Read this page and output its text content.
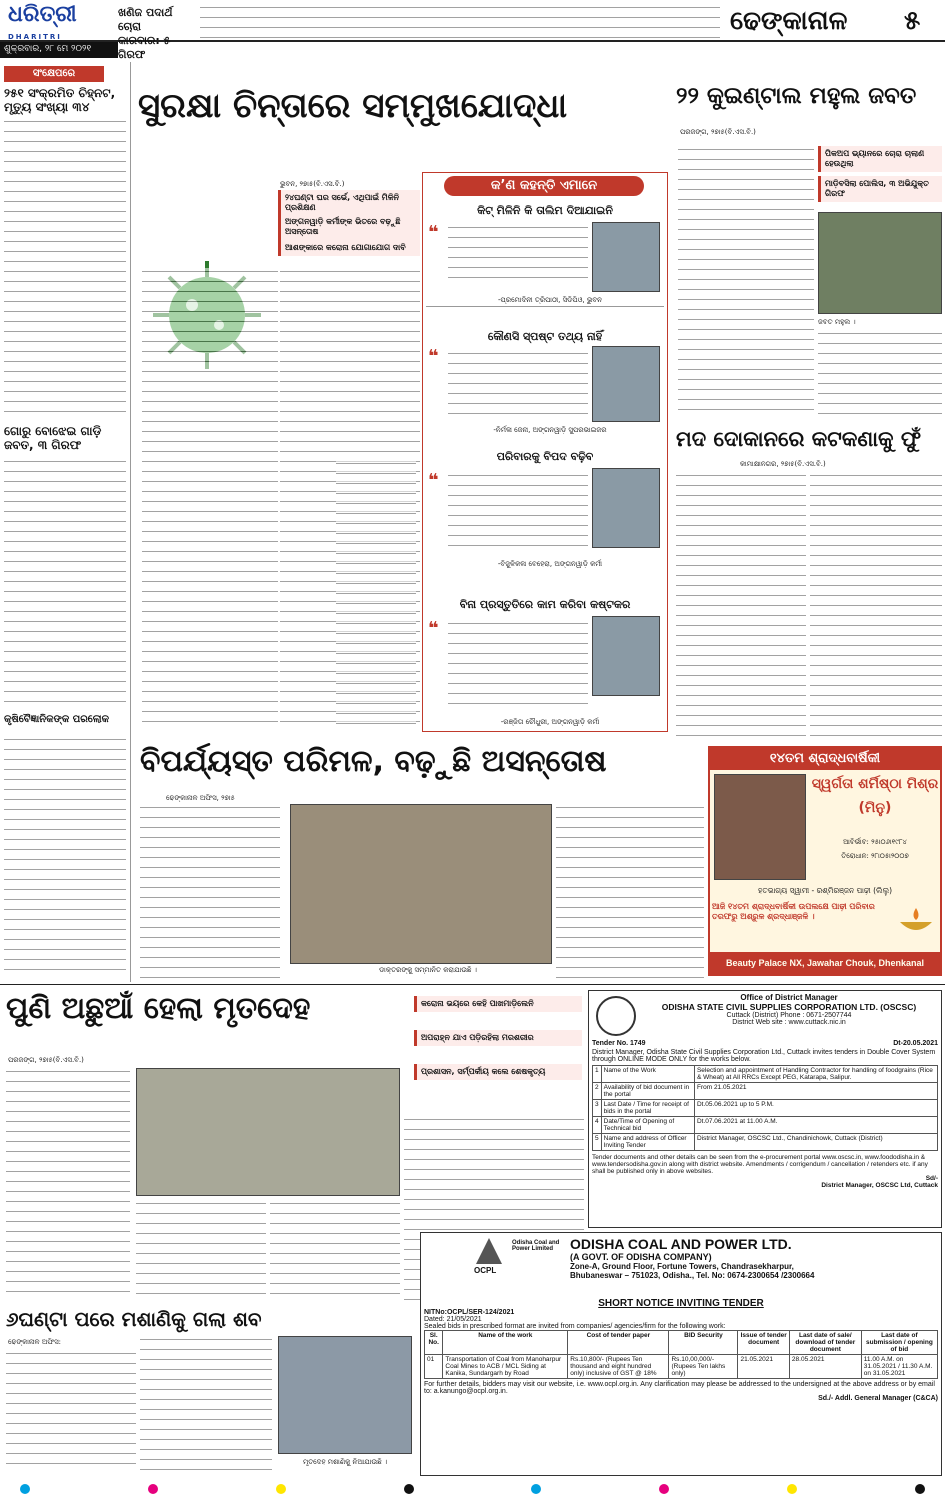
ଧରିତ୍ରୀ
DHARITRI
ଖଣିଜ ପଦାର୍ଥ ଚୋରା
କାରବାର: ୫ ଗିରଫ
ଢେଙ୍କାନାଳ	୫
ଶୁକ୍ରବାର, ୨୮ ମେ ୨୦୨୧
ସଂକ୍ଷେପରେ
୨୫୧ ସଂକ୍ରମିତ ଚିହ୍ନଟ, ମୃତ୍ୟୁ ସଂଖ୍ୟା ୩୪
ଗୋରୁ ବୋଝେଇ ଗାଡ଼ି ଜବତ, ୩ ଗିରଫ
କୃଷିବୈଜ୍ଞାନିକଙ୍କ ପରଲୋକ
ସୁରକ୍ଷା ଚିନ୍ତାରେ ସମ୍ମୁଖଯୋଦ୍ଧା
ଭୁବନ, ୨୭ା୫(ବି.ଏସ.ବି.)
୨୪ଘଣ୍ଟା ଘର ସର୍ଭେ, ଏଥିପାଇଁ ମିଳିନି ପ୍ରଶିକ୍ଷଣ
ଅଙ୍ଗନୱାଡ଼ି କର୍ମୀଙ୍କ ଭିତରେ ବଢ଼ୁଛି ଅସନ୍ତୋଷ
ଆଶଙ୍କାରେ କରୋନା ଯୋଗାଯୋଗ ଦାବି
କ’ଣ କହନ୍ତି ଏମାନେ
କିଟ୍ ମିଳିନି କି ତାଲିମ ଦିଆଯାଇନି
❝
-ପ୍ରମୋଦିନୀ ତ୍ରିପାଠୀ, ସିଡିପିଓ, ଭୁବନ
କୌଣସି ସ୍ପଷ୍ଟ ତଥ୍ୟ ନାହିଁ
❝
-ନିର୍ମଳା ଜେନା, ଅଙ୍ଗନୱାଡ଼ି ସୁପରଭାଇଜର
ପରିବାରକୁ ବିପଦ ବଢ଼ିବ
❝
-ବିଜୁଳିକଳା ବେହେରା, ଅଙ୍ଗନୱାଡ଼ି କର୍ମୀ
ବିନା ପ୍ରସ୍ତୁତିରେ କାମ କରିବା କଷ୍ଟକର
❝
-ରଞ୍ଜିତା ଚୌଧୁରୀ, ଅଙ୍ଗନୱାଡ଼ି କର୍ମୀ
୨୨ କୁଇଣ୍ଟାଲ ମହୁଲ ଜବତ
ପରଜଙ୍ଗ, ୨୭ା୫(ବି.ଏସ.ବି.)
ପିକଅପ ଭ୍ୟାନରେ ଚୋରା ଚାଲାଣ ହେଉଥିଲା
ମାଡ଼ିବସିଲା ପୋଲିସ, ୩ ଅଭିଯୁକ୍ତ ଗିରଫ
ଜବତ ମହୁଲ ।
ମଦ ଦୋକାନରେ କଟକଣାକୁ ଫୁଁ
କାମାକ୍ଷାନଗର, ୨୭ା୫(ବି.ଏସ.ବି.)
ବିପର୍ଯ୍ୟସ୍ତ ପରିମଳ, ବଢ଼ୁଛି ଅସନ୍ତୋଷ
ଢେଙ୍କାନାଳ ଅଫିସ, ୨୭ା୫
ଡାକ୍ତରଙ୍କୁ ସମ୍ମାନିତ କରାଯାଉଛି ।
୧୪ତମ ଶ୍ରାଦ୍ଧବାର୍ଷିକୀ
ସ୍ୱର୍ଗତା ଶର୍ମିଷ୍ଠା ମିଶ୍ର
(ମିନୁ)
ଆବିର୍ଭାବ: ୨୫ା୦୬ା୧୯୮୪
ତିରୋଧାନ: ୨୮ା୦୫ା୨୦୦୭
ହତଭାଗ୍ୟ ସ୍ୱାମୀ - ରଶ୍ମିରଞ୍ଜନ ପାଢ଼ୀ (ଲିଲୁ)
ଆଜି ୧୪ତମ ଶ୍ରାଦ୍ଧବାର୍ଷିକୀ ଉପଲକ୍ଷେ ପାଢ଼ୀ ପରିବାର ତରଫରୁ ଅଶ୍ରୁଳ ଶ୍ରଦ୍ଧାଞ୍ଜଳି ।
Beauty Palace NX, Jawahar Chouk, Dhenkanal
ପୁଣି ଅଛୁଆଁ ହେଲା ମୃତଦେହ	କରୋନା ଭୟରେ କେହି ପାଖମାଡ଼ିଲେନି
ଅପରାହ୍ନ ଯାଏ ପଡ଼ିରହିଲା ମରଶରୀର
ପ୍ରଶାସନ, ସର୍ମ୍ପର୍କୀୟ କଲେ ଶେଷକୃତ୍ୟ
ପରଜଙ୍ଗ, ୨୭ା୫(ବି.ଏସ.ବି.)
୬ଘଣ୍ଟା ପରେ ମଶାଣିକୁ ଗଲା ଶବ
ଢେଙ୍କାନାଳ ଅଫିସ:
ମୃତଦେହ ମଶାଣିକୁ ନିଆଯାଉଛି ।
Office of District Manager
ODISHA STATE CIVIL SUPPLIES CORPORATION LTD. (OSCSC)
Cuttack (District) Phone : 0671-2507744
District Web site : www.cuttack.nic.in
Tender No. 1749	Dt-20.05.2021
District Manager, Odisha State Civil Supplies Corporation Ltd., Cuttack invites tenders in Double Cover System through ONLINE MODE ONLY for the works below.
1	Name of the Work	Selection and appointment of Handling Contractor for handling of foodgrains (Rice & Wheat) at All RRCs Except PEG, Katarapa, Salipur.
2	Availability of bid document in the portal	From 21.05.2021
3	Last Date / Time for receipt of bids in the portal	Dt.05.06.2021 up to 5 P.M.
4	Date/Time of Opening of Technical bid	Dt.07.06.2021 at 11.00 A.M.
5	Name and address of Officer Inviting Tender	District Manager, OSCSC Ltd., Chandinichowk, Cuttack (District)
Tender documents and other details can be seen from the e-procurement portal www.oscsc.in, www.foododisha.in & www.tendersodisha.gov.in along with district website. Amendments / corrigendum / cancellation / retenders etc. if any shall be published only in above websites.
Sd/-
District Manager, OSCSC Ltd, Cuttack
OCPL
Odisha Coal and Power Limited	ODISHA COAL AND POWER LTD.
(A GOVT. OF ODISHA COMPANY)
Zone-A, Ground Floor, Fortune Towers, Chandrasekharpur,
Bhubaneswar – 751023, Odisha., Tel. No: 0674-2300654 /2300664
SHORT NOTICE INVITING TENDER
NITNo:OCPL/SER-124/2021
Dated: 21/05/2021
Sealed bids in prescribed format are invited from companies/ agencies/firm for the following work:
Sl. No.	Name of the work	Cost of tender paper	BID Security	Issue of tender document	Last date of sale/ download of tender document	Last date of submission / opening of bid
01	Transportation of Coal from Manoharpur Coal Mines to ACB / MCL Siding at Kanika, Sundargarh by Road	Rs.10,800/- (Rupees Ten thousand and eight hundred only) inclusive of GST @ 18%	Rs.10,00,000/- (Rupees Ten lakhs only)	21.05.2021	28.05.2021	11.00 A.M. on 31.05.2021 / 11.30 A.M. on 31.05.2021
For further details, bidders may visit our website, i.e. www.ocpl.org.in. Any clarification may please be addressed to the undersigned at the above address or by email to: a.kanungo@ocpl.org.in.
Sd./- Addl. General Manager (C&CA)
